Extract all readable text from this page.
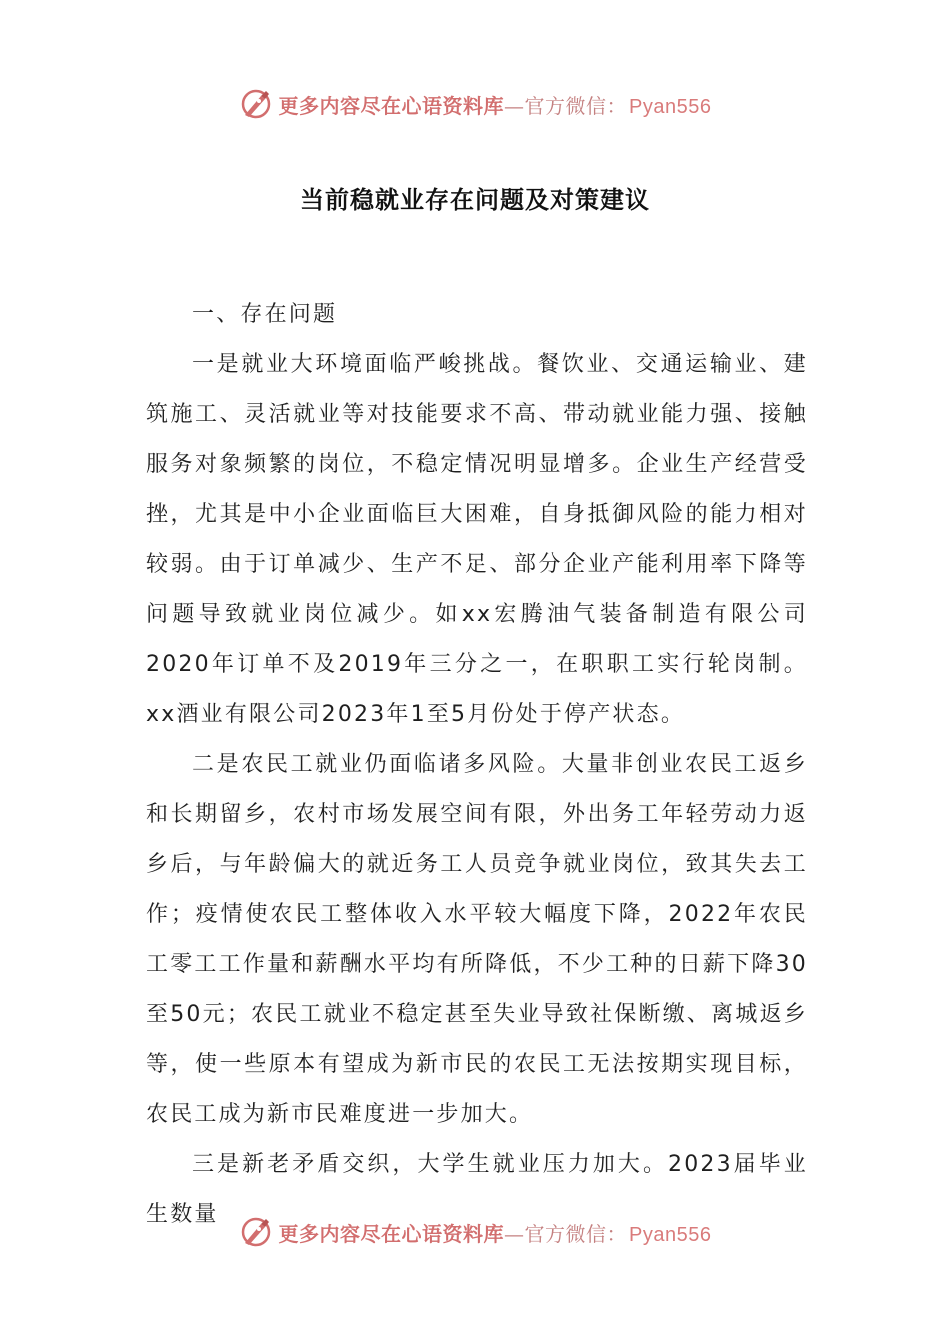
更多内容尽在心语资料库 — 官方微信： Pyan556
当前稳就业存在问题及对策建议

一、存在问题

一是就业大环境面临严峻挑战。餐饮业、交通运输业、建筑施工、灵活就业等对技能要求不高、带动就业能力强、接触服务对象频繁的岗位，不稳定情况明显增多。企业生产经营受挫，尤其是中小企业面临巨大困难，自身抵御风险的能力相对较弱。由于订单减少、生产不足、部分企业产能利用率下降等问题导致就业岗位减少。如xx宏腾油气装备制造有限公司2020年订单不及2019年三分之一，在职职工实行轮岗制。xx酒业有限公司2023年1至5月份处于停产状态。

二是农民工就业仍面临诸多风险。大量非创业农民工返乡和长期留乡，农村市场发展空间有限，外出务工年轻劳动力返乡后，与年龄偏大的就近务工人员竞争就业岗位，致其失去工作；疫情使农民工整体收入水平较大幅度下降，2022年农民工零工工作量和薪酬水平均有所降低，不少工种的日薪下降30至50元；农民工就业不稳定甚至失业导致社保断缴、离城返乡等，使一些原本有望成为新市民的农民工无法按期实现目标，农民工成为新市民难度进一步加大。

三是新老矛盾交织，大学生就业压力加大。2023届毕业生数量

更多内容尽在心语资料库 — 官方微信： Pyan556
